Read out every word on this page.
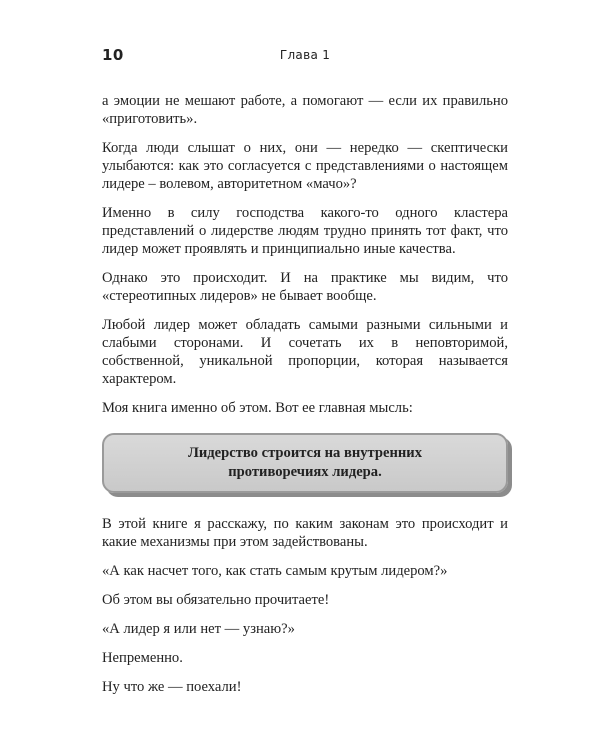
10	Глава 1

а эмоции не мешают работе, а помогают — если их правильно «приготовить».

Когда люди слышат о них, они — нередко — скептически улыбаются: как это согласуется с представлениями о настоящем лидере – волевом, авторитетном «мачо»?

Именно в силу господства какого-то одного кластера представлений о лидерстве людям трудно принять тот факт, что лидер может проявлять и принципиально иные качества.

Однако это происходит. И на практике мы видим, что «стереотипных лидеров» не бывает вообще.

Любой лидер может обладать самыми разными сильными и слабыми сторонами. И сочетать их в неповторимой, собственной, уникальной пропорции, которая называется характером.

Моя книга именно об этом. Вот ее главная мысль:

Лидерство строится на внутренних
противоречиях лидера.

В этой книге я расскажу, по каким законам это происходит и какие механизмы при этом задействованы.

«А как насчет того, как стать самым крутым лидером?»

Об этом вы обязательно прочитаете!

«А лидер я или нет — узнаю?»

Непременно.

Ну что же — поехали!
